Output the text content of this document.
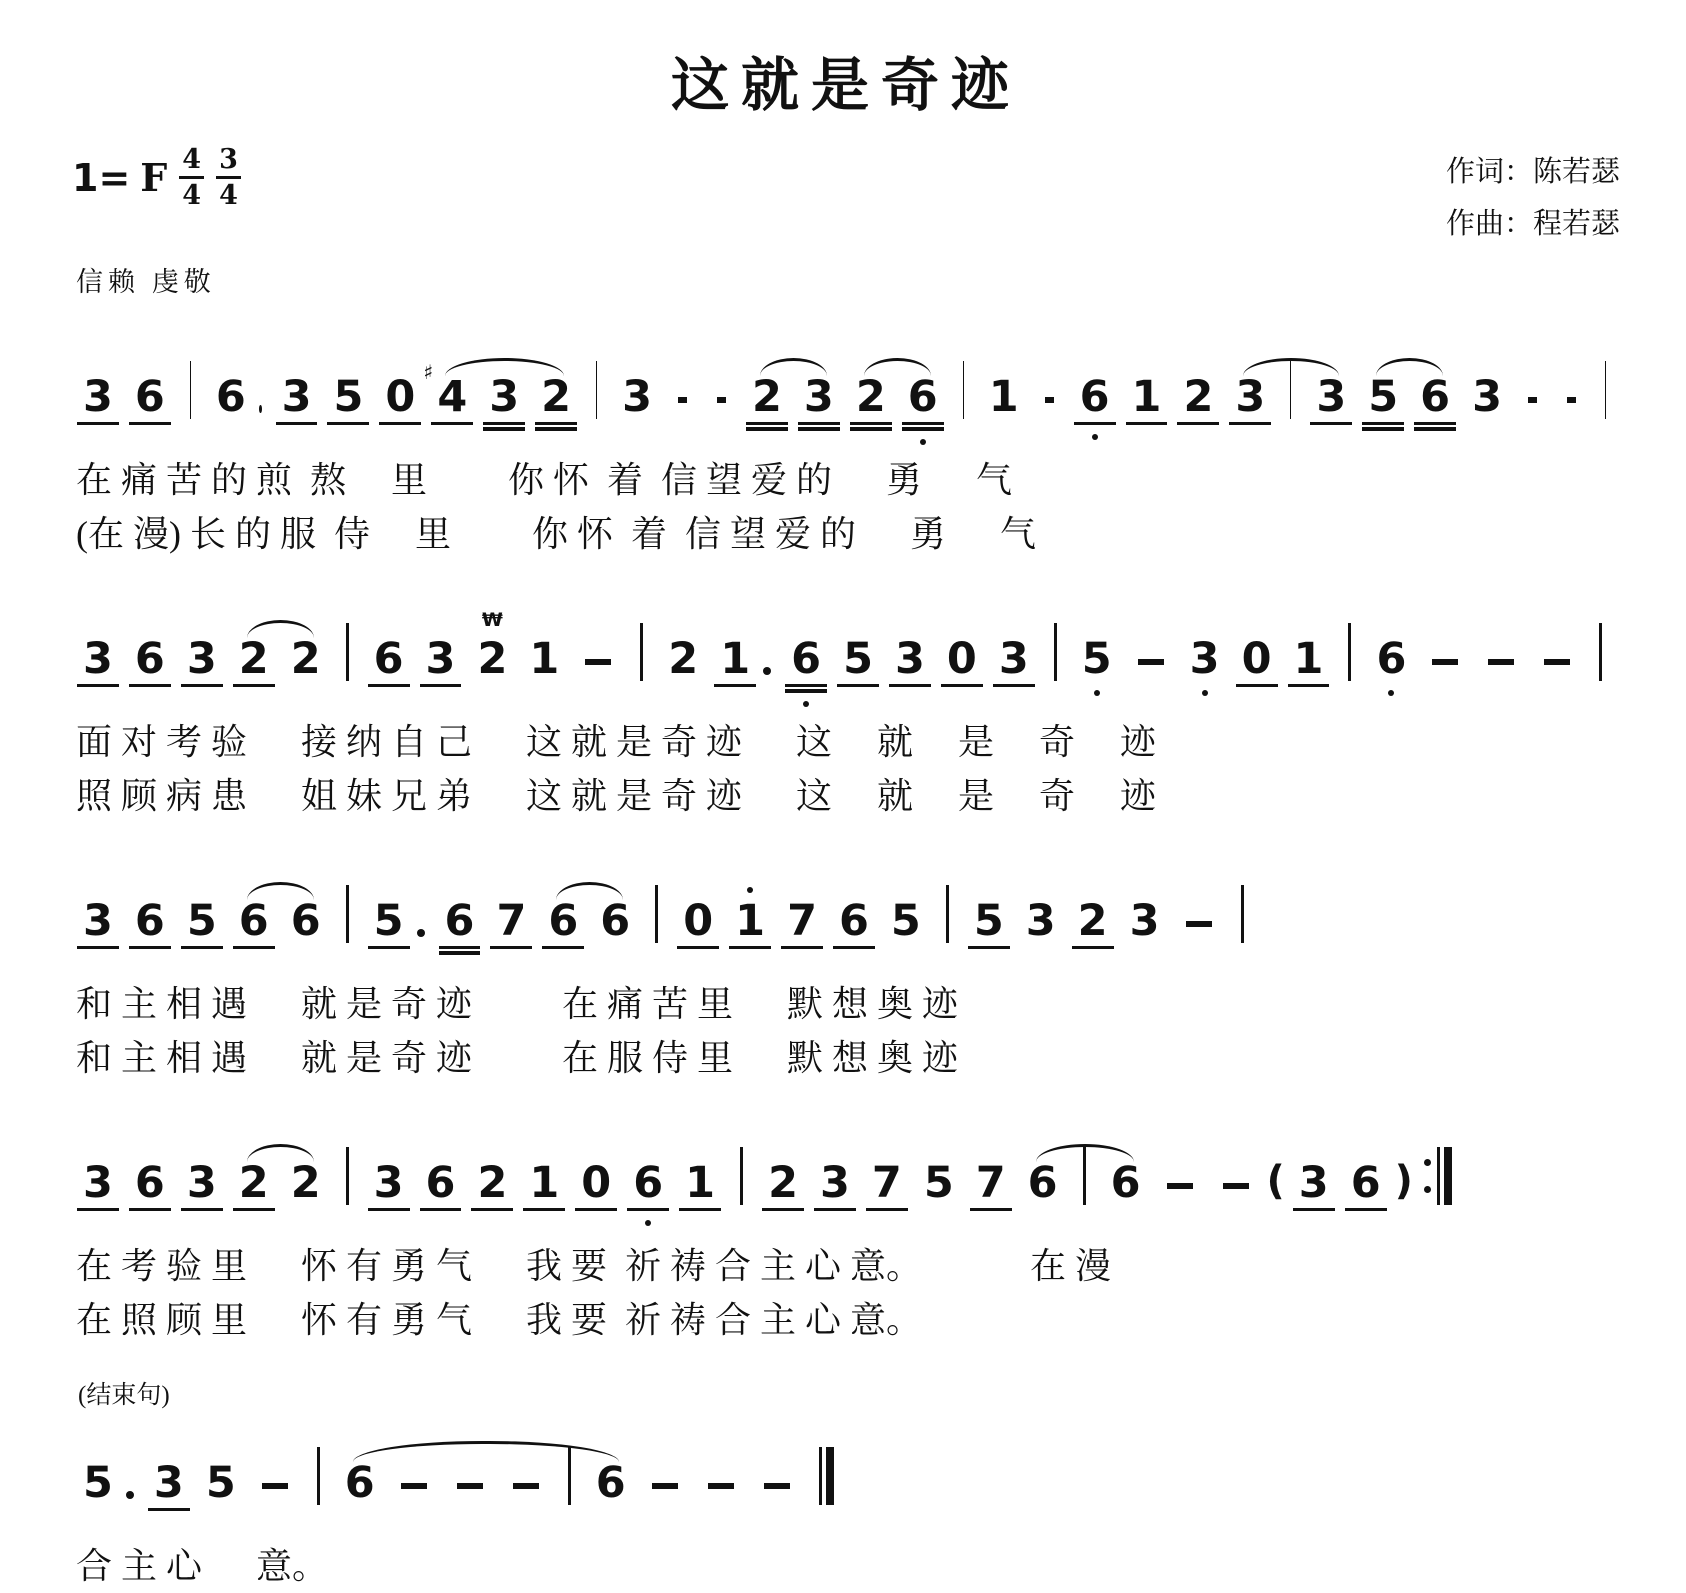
这就是奇迹
1= F $\frac{4}{4} \frac{3}{4}$	作词：陈若瑟
作曲：程若瑟
信赖 虔敬
3 6 6 3 5 0 4
♯ 3 2 3 2 3 2 6 1 6 1 2 3 3 5 6 3
在 痛 苦 的 煎  熬　 里　　 你 怀  着  信 望 爱 的　  勇　  气
(在 漫) 长 的 服  侍　 里　　 你 怀  着  信 望 爱 的　  勇　  气
3 6 3 2 2 6 3 2
₩
1	2 1 6 5 3 0 3 5 3 0 1 6
面 对 考 验　  接 纳 自 己　  这 就 是 奇 迹　  这　 就　 是　 奇　 迹
照 顾 病 患　  姐 妹 兄 弟　  这 就 是 奇 迹　  这　 就　 是　 奇　 迹
3 6 5 6 6 5 6 7 6 6 0 1 7 6 5 5 3 2 3
和 主 相 遇　  就 是 奇 迹　　  在 痛 苦 里　  默 想 奥 迹
和 主 相 遇　  就 是 奇 迹　　  在 服 侍 里　  默 想 奥 迹
3 6 3 2 2 3 6 2 1 0 6 1 2 3 7 5 7 6 6	( 3 6 )
在 考 验 里　  怀 有 勇 气　  我 要  祈 祷 合 主 心 意。　　　  在 漫
在 照 顾 里　  怀 有 勇 气　  我 要  祈 祷 合 主 心 意。
(结束句)
5 3 5	6	6
合 主 心　  意。
